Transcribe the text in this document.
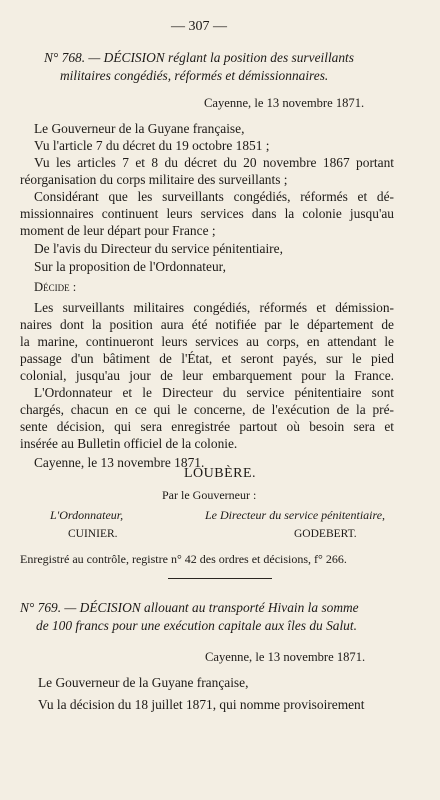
— 307 —
N° 768. — DÉCISION réglant la position des surveillants
militaires congédiés, réformés et démissionnaires.
Cayenne, le 13 novembre 1871.
Le Gouverneur de la Guyane française,
Vu l'article 7 du décret du 19 octobre 1851 ;
Vu les articles 7 et 8 du décret du 20 novembre 1867 portant
réorganisation du corps militaire des surveillants ;
Considérant que les surveillants congédiés, réformés et dé-
missionnaires continuent leurs services dans la colonie jusqu'au
moment de leur départ pour France ;
De l'avis du Directeur du service pénitentiaire,
Sur la proposition de l'Ordonnateur,
Décide :
Les surveillants militaires congédiés, réformés et démission-
naires dont la position aura été notifiée par le département de
la marine, continueront leurs services au corps, en attendant le
passage d'un bâtiment de l'État, et seront payés, sur le pied
colonial, jusqu'au jour de leur embarquement pour la France.
L'Ordonnateur et le Directeur du service pénitentiaire sont
chargés, chacun en ce qui le concerne, de l'exécution de la pré-
sente décision, qui sera enregistrée partout où besoin sera et
insérée au Bulletin officiel de la colonie.
Cayenne, le 13 novembre 1871.
LOUBÈRE.
Par le Gouverneur :
L'Ordonnateur,	Le Directeur du service pénitentiaire,
CUINIER.	GODEBERT.
Enregistré au contrôle, registre n° 42 des ordres et décisions, f° 266.
N° 769. — DÉCISION allouant au transporté Hivain la somme
de 100 francs pour une exécution capitale aux îles du Salut.
Cayenne, le 13 novembre 1871.
Le Gouverneur de la Guyane française,
Vu la décision du 18 juillet 1871, qui nomme provisoirement
